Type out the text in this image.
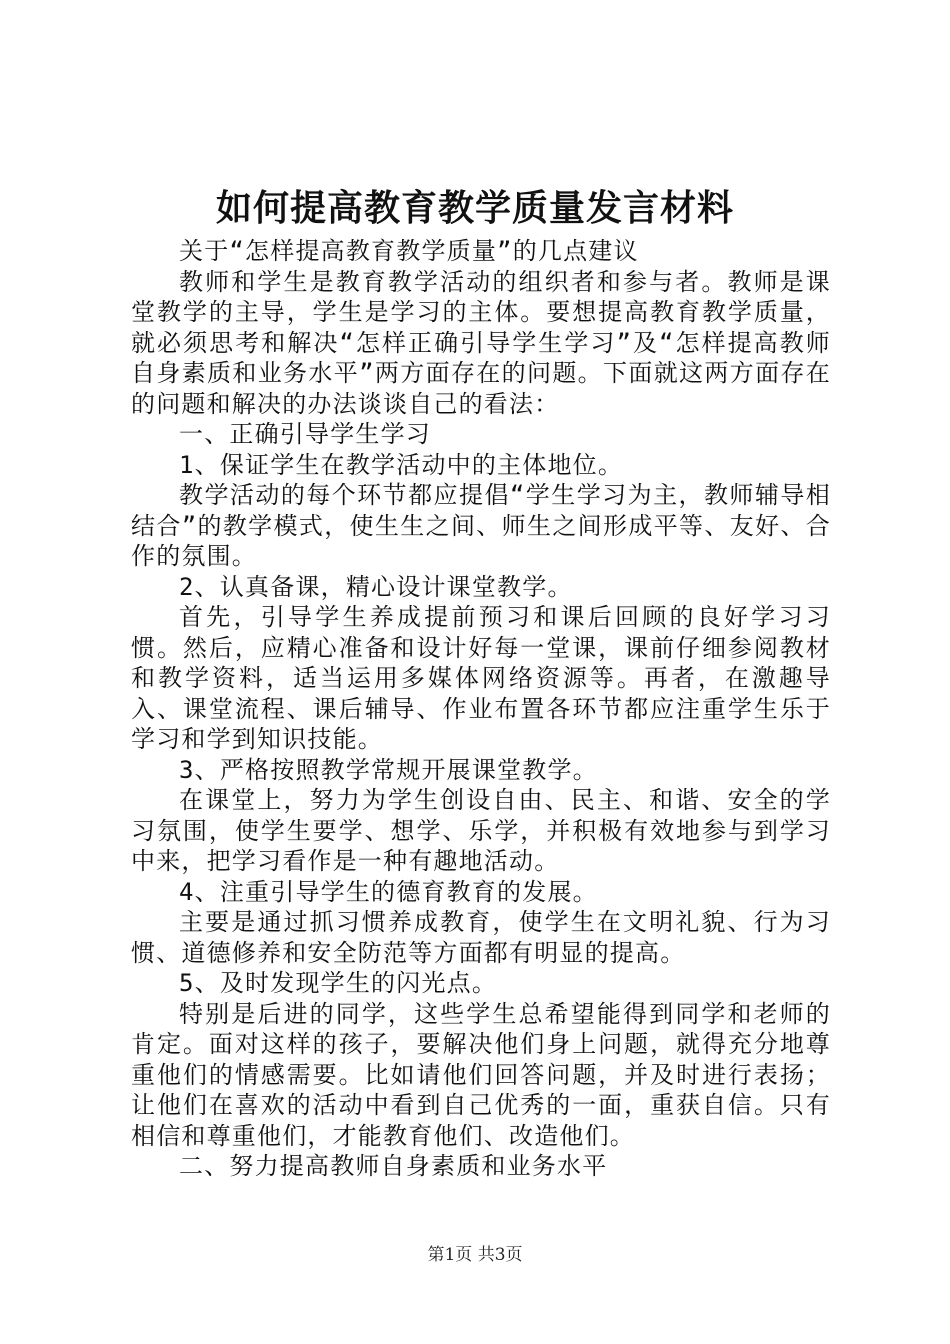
如何提高教育教学质量发言材料

关于“怎样提高教育教学质量”的几点建议

教师和学生是教育教学活动的组织者和参与者。教师是课堂教学的主导，学生是学习的主体。要想提高教育教学质量，就必须思考和解决“怎样正确引导学生学习”及“怎样提高教师自身素质和业务水平”两方面存在的问题。下面就这两方面存在的问题和解决的办法谈谈自己的看法：

一、正确引导学生学习

1、保证学生在教学活动中的主体地位。

教学活动的每个环节都应提倡“学生学习为主，教师辅导相结合”的教学模式，使生生之间、师生之间形成平等、友好、合作的氛围。

2、认真备课，精心设计课堂教学。

首先，引导学生养成提前预习和课后回顾的良好学习习惯。然后，应精心准备和设计好每一堂课，课前仔细参阅教材和教学资料，适当运用多媒体网络资源等。再者，在激趣导入、课堂流程、课后辅导、作业布置各环节都应注重学生乐于学习和学到知识技能。

3、严格按照教学常规开展课堂教学。

在课堂上，努力为学生创设自由、民主、和谐、安全的学习氛围，使学生要学、想学、乐学，并积极有效地参与到学习中来，把学习看作是一种有趣地活动。

4、注重引导学生的德育教育的发展。

主要是通过抓习惯养成教育，使学生在文明礼貌、行为习惯、道德修养和安全防范等方面都有明显的提高。

5、及时发现学生的闪光点。

特别是后进的同学，这些学生总希望能得到同学和老师的肯定。面对这样的孩子，要解决他们身上问题，就得充分地尊重他们的情感需要。比如请他们回答问题，并及时进行表扬；让他们在喜欢的活动中看到自己优秀的一面，重获自信。只有相信和尊重他们，才能教育他们、改造他们。

二、努力提高教师自身素质和业务水平

第1页 共3页
